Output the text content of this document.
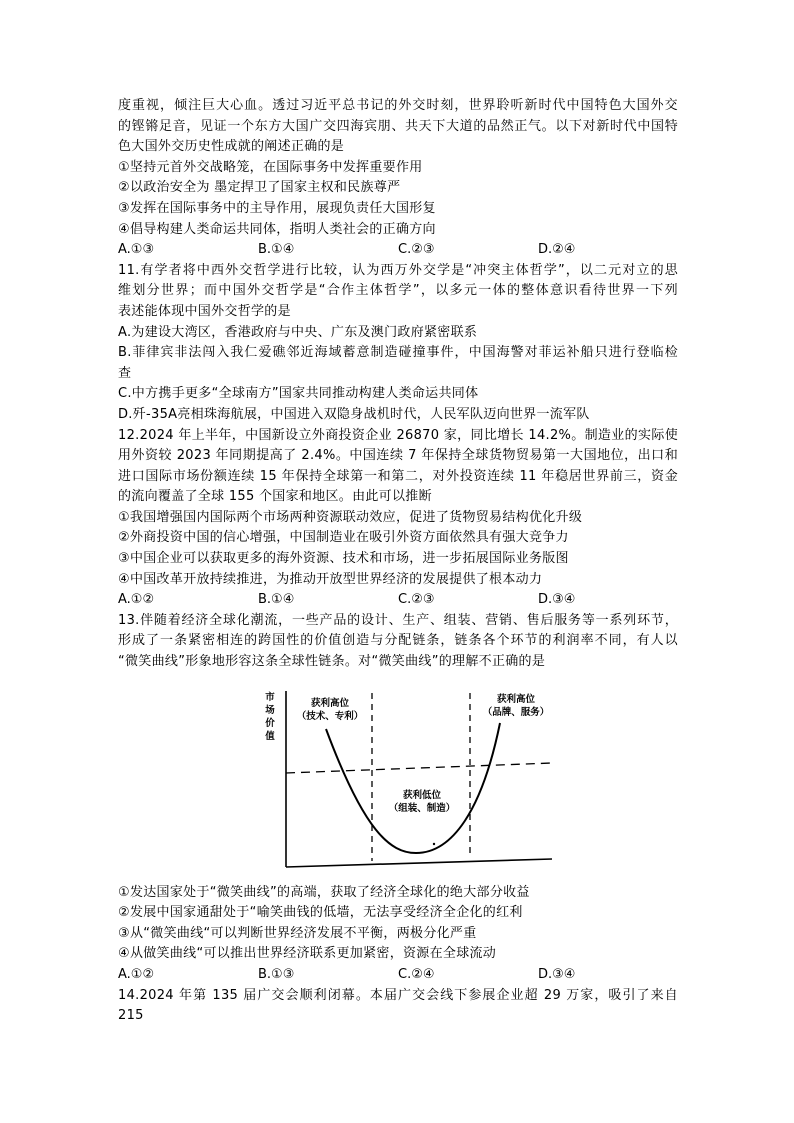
度重视，倾注巨大心血。透过习近平总书记的外交时刻，世界聆听新时代中国特色大国外交
的铿锵足音，见证一个东方大国广交四海宾朋、共天下大道的品然正气。以下对新时代中国特
色大国外交历史性成就的阐述正确的是
①坚持元首外交战略笼，在国际事务中发挥重要作用
②以政治安全为 墨定捍卫了国家主权和民族尊严
③发挥在国际事务中的主导作用，展现负责任大国形复
④倡导构建人类命运共同体，指明人类社会的正确方向
A.①③	B.①④	C.②③	D.②④
11.有学者将中西外交哲学进行比较，认为西万外交学是“冲突主体哲学”，以二元对立的思
维划分世界；而中国外交哲学是“合作主体哲学”，以多元一体的整体意识看待世界一下列
表述能体现中国外交哲学的是
A.为建设大湾区，香港政府与中央、广东及澳门政府紧密联系
B.菲律宾非法闯入我仁爱礁邻近海域蓄意制造碰撞事件，中国海警对菲运补船只进行登临检
查
C.中方携手更多“全球南方”国家共同推动构建人类命运共同体
D.歼-35A亮相珠海航展，中国进入双隐身战机时代，人民军队迈向世界一流军队
12.2024 年上半年，中国新设立外商投资企业 26870 家，同比增长 14.2%。制造业的实际使
用外资较 2023 年同期提高了 2.4%。中国连续 7 年保持全球货物贸易第一大国地位，出口和
进口国际市场份额连续 15 年保持全球第一和第二，对外投资连续 11 年稳居世界前三，资金
的流向覆盖了全球 155 个国家和地区。由此可以推断
①我国增强国内国际两个市场两种资源联动效应，促进了货物贸易结构优化升级
②外商投资中国的信心增强，中国制造业在吸引外资方面依然具有强大竞争力
③中国企业可以获取更多的海外资源、技术和市场，进一步拓展国际业务版图
④中国改革开放持续推进，为推动开放型世界经济的发展提供了根本动力
A.①②	B.①④	C.②③	D.③④
13.伴随着经济全球化潮流，一些产品的设计、生产、组装、营销、售后服务等一系列环节，
形成了一条紧密相连的跨国性的价值创造与分配链条，链条各个环节的利润率不同，有人以
“微笑曲线”形象地形容这条全球性链条。对“微笑曲线”的理解不正确的是
市
场
价
值
获利高位
（技术、专利）
获利高位
（品牌、服务）
获利低位
（组装、制造）
①发达国家处于“微笑曲线”的高端，获取了经济全球化的绝大部分收益
②发展中国家通甜处于“喻笑曲钱的低墙，无法享受经济全企化的红利
③从“微笑曲线“可以判断世界经济发展不平衡，两极分化严重
④从做笑曲线“可以推出世界经济联系更加紧密，资源在全球流动
A.①②	B.①③	C.②④	D.③④
14.2024 年第 135 届广交会顺利闭幕。本届广交会线下参展企业超 29 万家，吸引了来自 215
